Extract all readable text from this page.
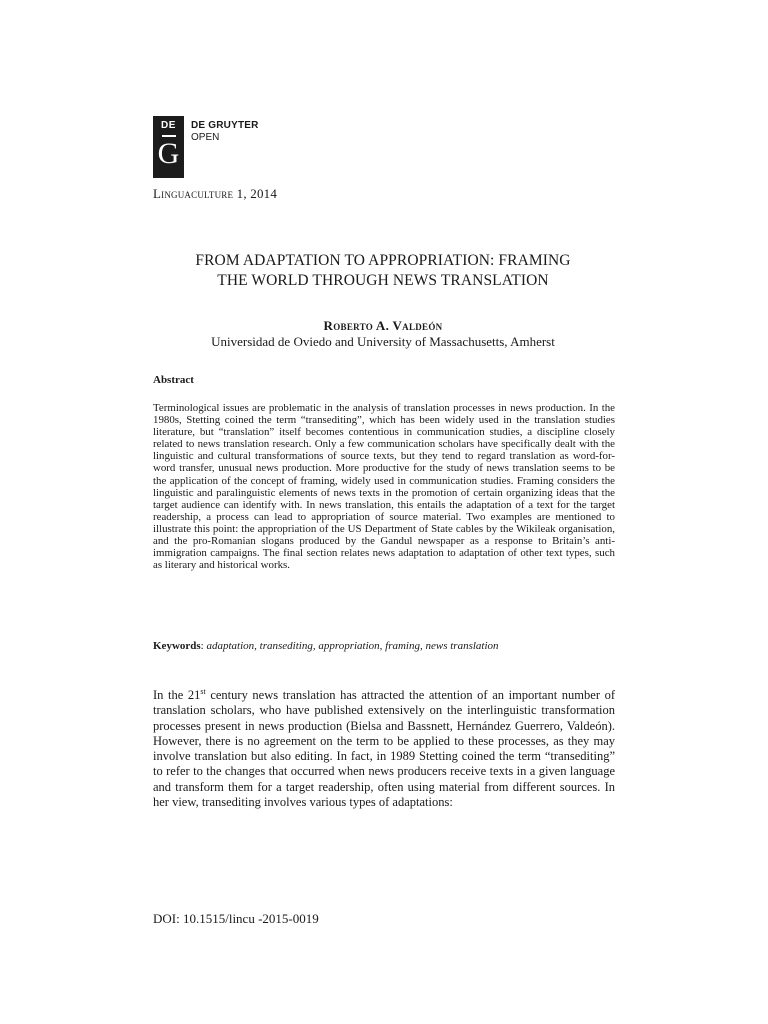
DE
G
DE GRUYTER
OPEN
Linguaculture 1, 2014
FROM ADAPTATION TO APPROPRIATION: FRAMING
THE WORLD THROUGH NEWS TRANSLATION
Roberto A. Valdeón
Universidad de Oviedo and University of Massachusetts, Amherst
Abstract

Terminological issues are problematic in the analysis of translation processes in news production. In the 1980s, Stetting coined the term “transediting”, which has been widely used in the translation studies literature, but “translation” itself becomes contentious in communication studies, a discipline closely related to news translation research. Only a few communication scholars have specifically dealt with the linguistic and cultural transformations of source texts, but they tend to regard translation as word-for-word transfer, unusual news production. More productive for the study of news translation seems to be the application of the concept of framing, widely used in communication studies. Framing considers the linguistic and paralinguistic elements of news texts in the promotion of certain organizing ideas that the target audience can identify with. In news translation, this entails the adaptation of a text for the target readership, a process can lead to appropriation of source material. Two examples are mentioned to illustrate this point: the appropriation of the US Department of State cables by the Wikileak organisation, and the pro-Romanian slogans produced by the Gandul newspaper as a response to Britain’s anti-immigration campaigns. The final section relates news adaptation to adaptation of other text types, such as literary and historical works.

Keywords: adaptation, transediting, appropriation, framing, news translation

In the 21st century news translation has attracted the attention of an important number of translation scholars, who have published extensively on the interlinguistic transformation processes present in news production (Bielsa and Bassnett, Hernández Guerrero, Valdeón). However, there is no agreement on the term to be applied to these processes, as they may involve translation but also editing. In fact, in 1989 Stetting coined the term “transediting” to refer to the changes that occurred when news producers receive texts in a given language and transform them for a target readership, often using material from different sources. In her view, transediting involves various types of adaptations:

DOI: 10.1515/lincu -2015-0019
